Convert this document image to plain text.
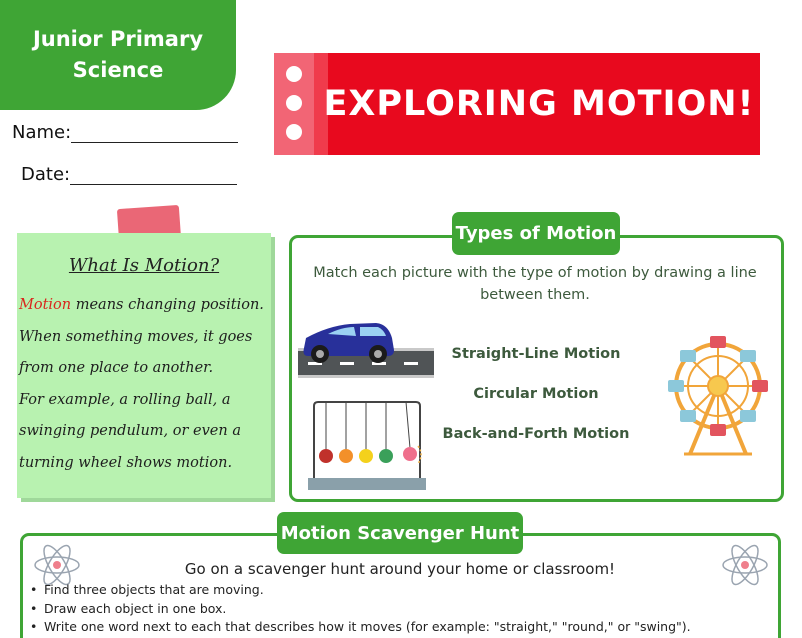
Junior Primary
Science
Name:
Date:
EXPLORING MOTION!
What Is Motion?
Motion means changing position.
When something moves, it goes
from one place to another.
For example, a rolling ball, a
swinging pendulum, or even a
turning wheel shows motion.
Types of Motion
Match each picture with the type of motion by drawing a line between them.
Straight-Line Motion
Circular Motion
Back-and-Forth Motion
Motion Scavenger Hunt
Go on a scavenger hunt around your home or classroom!
• Find three objects that are moving.
• Draw each object in one box.
• Write one word next to each that describes how it moves (for example: "straight," "round," or "swing").
